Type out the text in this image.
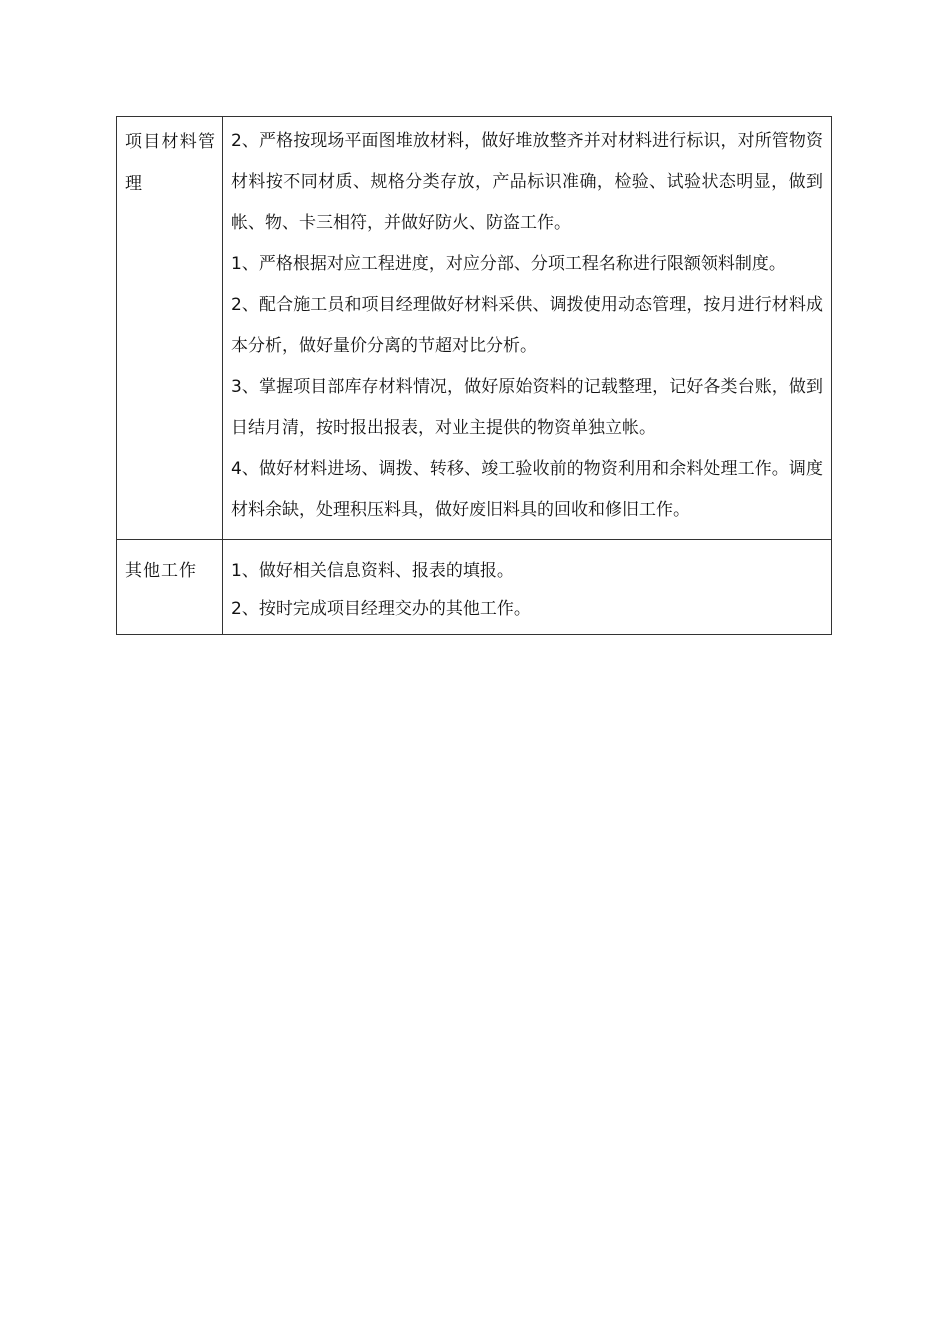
项目材料管理	2、严格按现场平面图堆放材料，做好堆放整齐并对材料进行标识，对所管物资材料按不同材质、规格分类存放，产品标识准确，检验、试验状态明显，做到帐、物、卡三相符，并做好防火、防盗工作。

1、严格根据对应工程进度，对应分部、分项工程名称进行限额领料制度。

2、配合施工员和项目经理做好材料采供、调拨使用动态管理，按月进行材料成本分析，做好量价分离的节超对比分析。

3、掌握项目部库存材料情况，做好原始资料的记载整理，记好各类台账，做到日结月清，按时报出报表，对业主提供的物资单独立帐。

4、做好材料进场、调拨、转移、竣工验收前的物资利用和余料处理工作。调度材料余缺，处理积压料具，做好废旧料具的回收和修旧工作。

其他工作	1、做好相关信息资料、报表的填报。

2、按时完成项目经理交办的其他工作。
